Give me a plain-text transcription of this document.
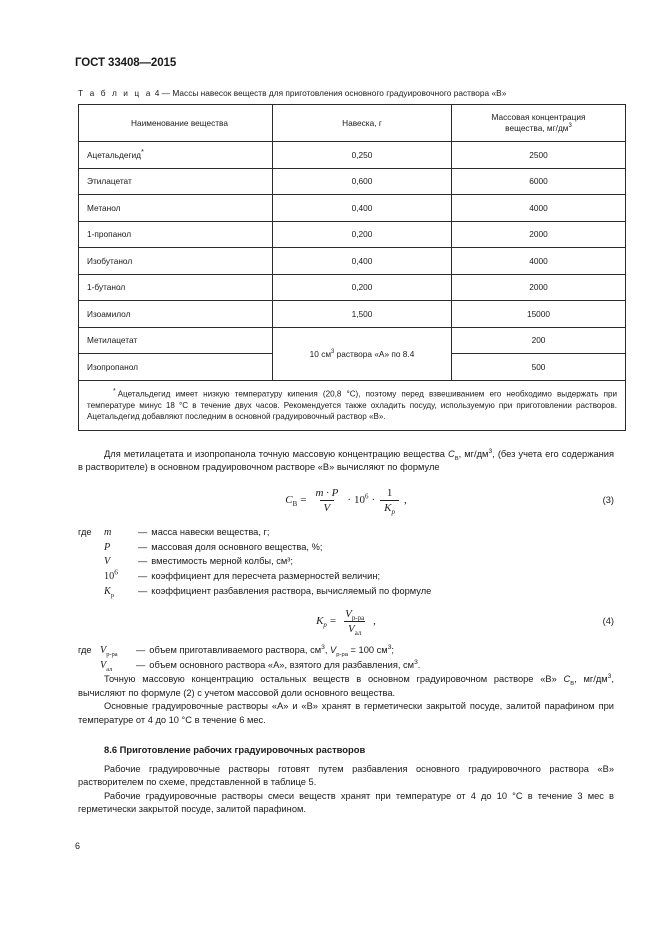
ГОСТ 33408—2015
Т а б л и ц а 4 — Массы навесок веществ для приготовления основного градуировочного раствора «В»
Наименование вещества	Навеска, г	Массовая концентрация
вещества, $мг/дм^3$
Ацетальдегид*	0,250	2500
Этилацетат	0,600	6000
Метанол	0,400	4000
1-пропанол	0,200	2000
Изобутанол	0,400	4000
1-бутанол	0,200	2000
Изоамилол	1,500	15000
Метилацетат	10 $см^3$ раствора «А» по 8.4	200
Изопропанол		500
* Ацетальдегид имеет низкую температуру кипения (20,8 °С), поэтому перед взвешиванием его необходимо выдержать при температуре минус 18 °С в течение двух часов. Рекомендуется также охладить посуду, используемую при приготовлении растворов. Ацетальдегид добавляют последним в основной градуировочный раствор «В».		

Для метилацетата и изопропанола точную массовую концентрацию вещества $C_В$, $мг/дм^3$, (без учета его содержания в растворителе) в основном градуировочном растворе «В» вычисляют по формуле

$C_В = \frac{m \cdot P}{V} \cdot 10^6 \cdot \frac{1}{K_р}$ ,	(3)
где	m	— масса навески вещества, г;
P	— массовая доля основного вещества, %;
V	— вместимость мерной колбы, см³;
$10^6$	— коэффициент для пересчета размерностей величин;
$K_р$	— коэффициент разбавления раствора, вычисляемый по формуле
$K_р = \frac{V_{р-ра}}{V_{ал}}$ ,	(4)
где $V_{р-ра}$	— объем приготавливаемого раствора, $см^3$, $V_{р-ра} = 100$ $см^3$;
$V_{ал}$	— объем основного раствора «А», взятого для разбавления, $см^3$.

Точную массовую концентрацию остальных веществ в основном градуировочном растворе «В» $C_В$, $мг/дм^3$, вычисляют по формуле (2) с учетом массовой доли основного вещества.

Основные градуировочные растворы «А» и «В» хранят в герметически закрытой посуде, залитой парафином при температуре от 4 до 10 °С в течение 6 мес.

8.6 Приготовление рабочих градуировочных растворов

Рабочие градуировочные растворы готовят путем разбавления основного градуировочного раствора «В» растворителем по схеме, представленной в таблице 5.

Рабочие градуировочные растворы смеси веществ хранят при температуре от 4 до 10 °С в течение 3 мес в герметически закрытой посуде, залитой парафином.

6
